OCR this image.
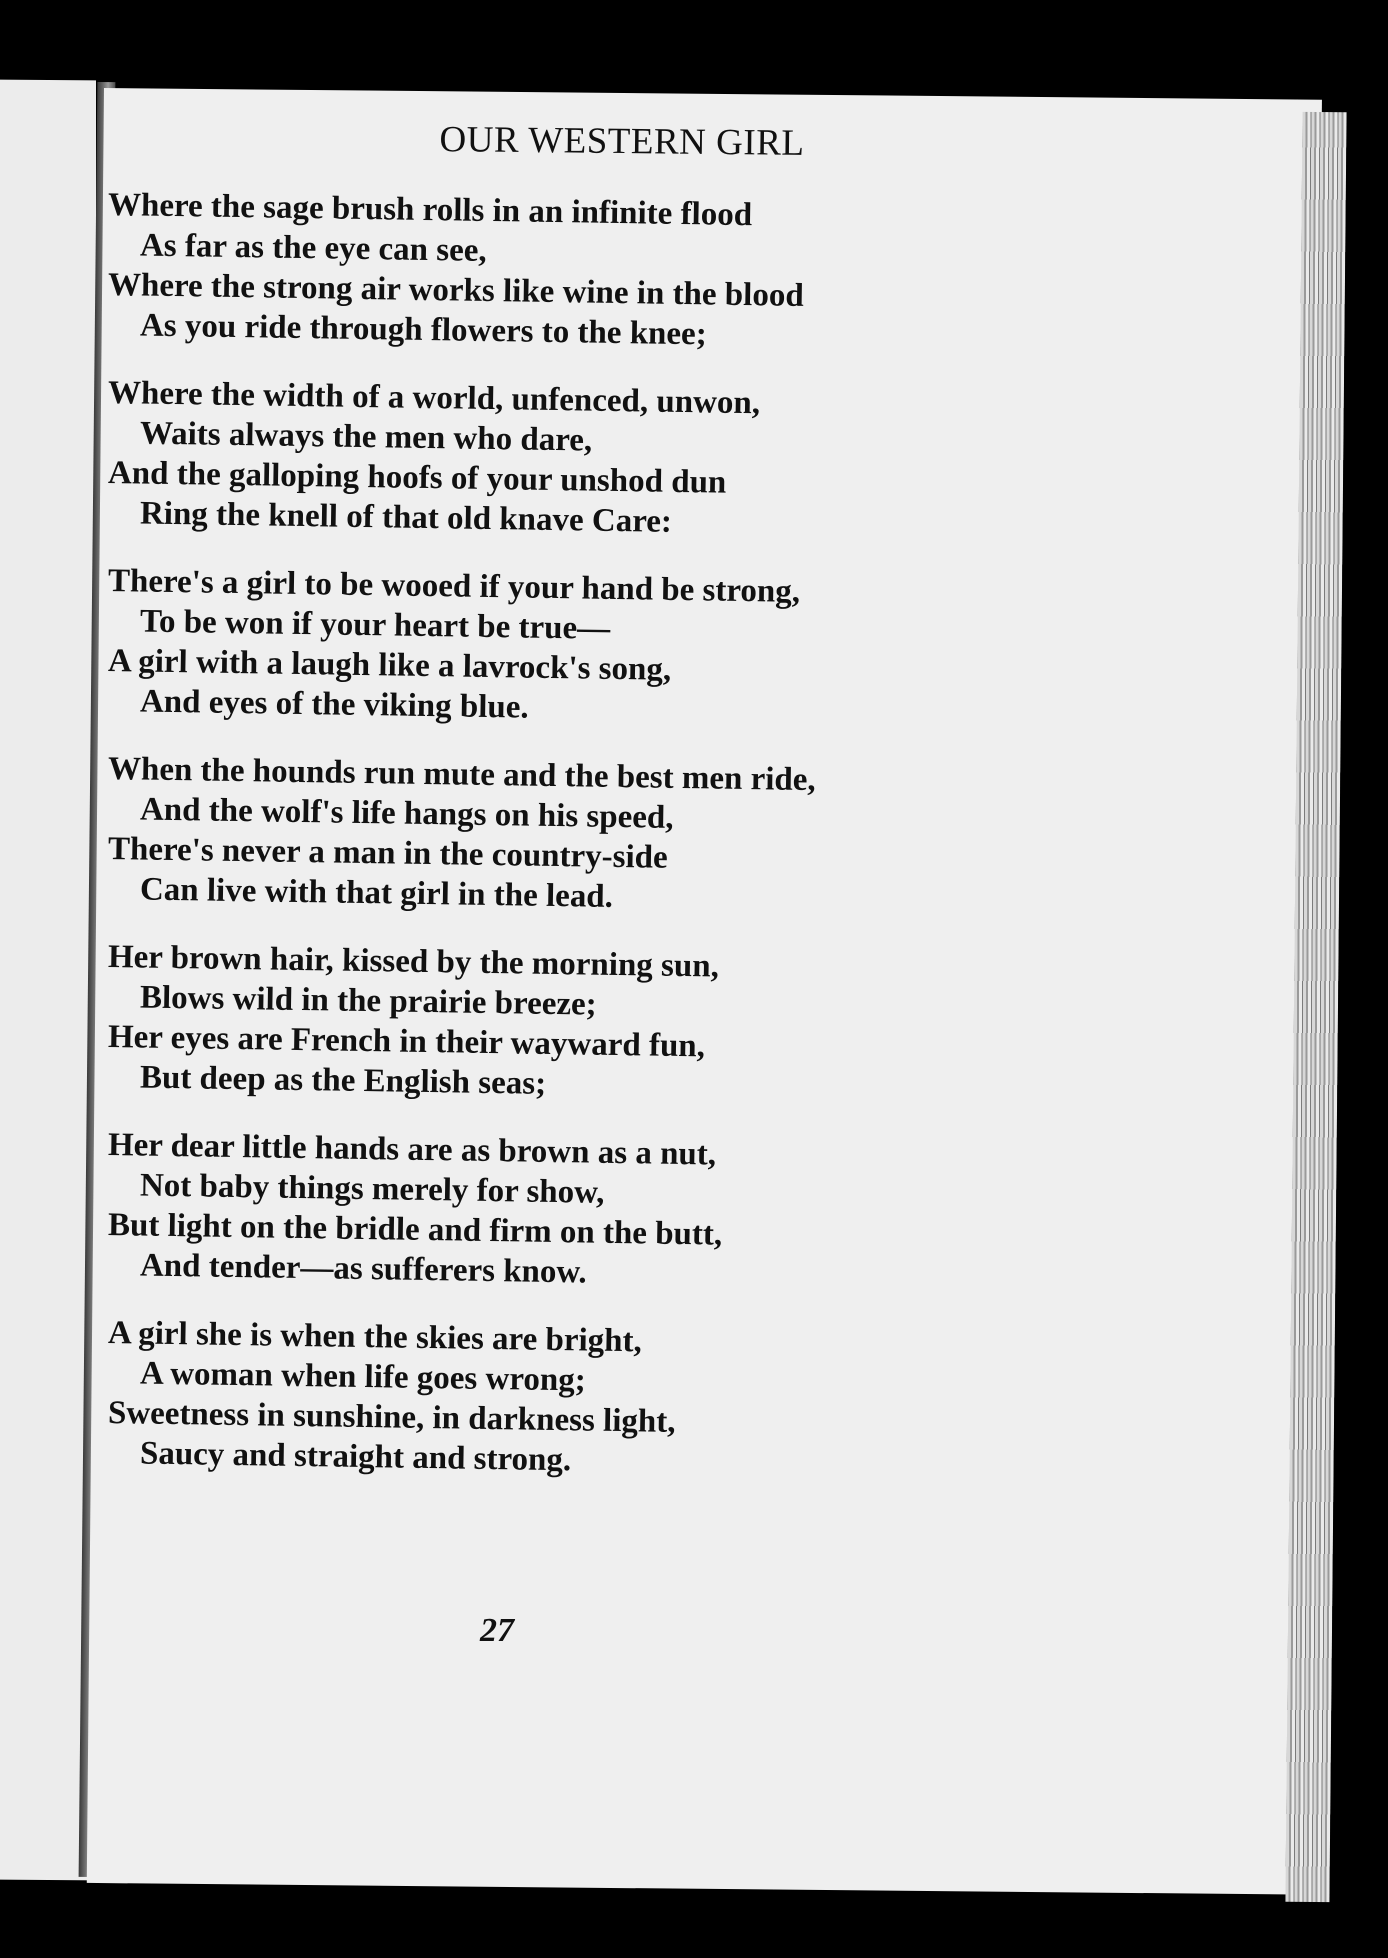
OUR WESTERN GIRL
Where the sage brush rolls in an infinite flood
As far as the eye can see,
Where the strong air works like wine in the blood
As you ride through flowers to the knee;
Where the width of a world, unfenced, unwon,
Waits always the men who dare,
And the galloping hoofs of your unshod dun
Ring the knell of that old knave Care:
There's a girl to be wooed if your hand be strong,
To be won if your heart be true—
A girl with a laugh like a lavrock's song,
And eyes of the viking blue.
When the hounds run mute and the best men ride,
And the wolf's life hangs on his speed,
There's never a man in the country-side
Can live with that girl in the lead.
Her brown hair, kissed by the morning sun,
Blows wild in the prairie breeze;
Her eyes are French in their wayward fun,
But deep as the English seas;
Her dear little hands are as brown as a nut,
Not baby things merely for show,
But light on the bridle and firm on the butt,
And tender—as sufferers know.
A girl she is when the skies are bright,
A woman when life goes wrong;
Sweetness in sunshine, in darkness light,
Saucy and straight and strong.
27
